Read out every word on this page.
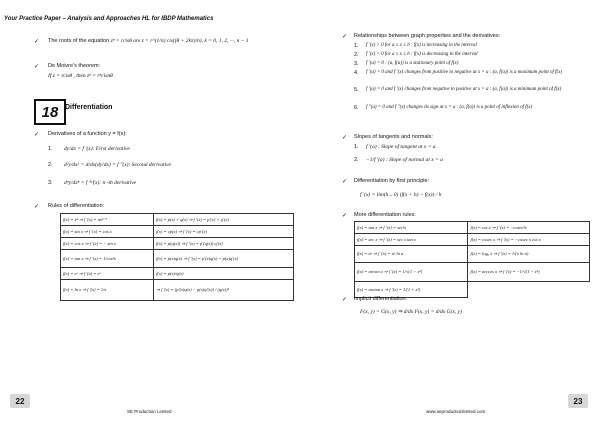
Your Practice Paper – Analysis and Approaches HL for IBDP Mathematics
✓ The roots of the equation zⁿ = rcisθ are z = r^(1/n) cis((θ + 2kπ)/n), k = 0, 1, 2, ···, n − 1
✓ De Moivre's theorem:
If z = rcisθ , then zⁿ = rⁿcisnθ
18 Differentiation
✓ Derivatives of a function y = f(x):
1. dy/dx = f ′(x): First derivative
2. d²y/dx² = d/dx(dy/dx) = f ″(x): Second derivative
3. dⁿy/dxⁿ = f ⁽ⁿ⁾(x): n -th derivative
✓ Rules of differentiation:
f(x) = xⁿ ⇒ f ′(x) = nxⁿ⁻¹	f(x) = p(x) + q(x) ⇒ f ′(x) = p′(x) + q′(x)
f(x) = sin x ⇒ f ′(x) = cos x	f(x) = cp(x) ⇒ f ′(x) = cp′(x)
f(x) = cos x ⇒ f ′(x) = − sin x	f(x) = p(q(x)) ⇒ f ′(x) = p′(q(x))·q′(x)
f(x) = tan x ⇒ f ′(x) = 1/cos²x	f(x) = p(x)q(x) ⇒ f ′(x) = p′(x)q(x) + p(x)q′(x)
f(x) = eˣ ⇒ f ′(x) = eˣ	f(x) = p(x)/q(x)
f(x) = ln x ⇒ f ′(x) = 1/x	⇒ f ′(x) = (p′(x)q(x) − p(x)q′(x)) / (q(x))²
22
SE Production Limited
✓ Relationships between graph properties and the derivatives:
1. f ′(x) > 0 for a ≤ x ≤ b : f(x) is increasing in the interval
2. f ′(x) < 0 for a ≤ x ≤ b : f(x) is decreasing in the interval
3. f ′(a) = 0 : (a, f(a)) is a stationary point of f(x)
4. f ′(a) = 0 and f ′(x) changes from positive to negative at x = a : (a, f(a)) is a maximum point of f(x)
5. f ′(a) = 0 and f ′(x) changes from negative to positive at x = a : (a, f(a)) is a minimum point of f(x)
6. f ″(a) = 0 and f ″(x) changes its sign at x = a : (a, f(a)) is a point of inflexion of f(x)
✓ Slopes of tangents and normals:
1. f ′(a) : Slope of tangent at x = a
2. −1/f ′(a) : Slope of normal at x = a
✓ Differentiation by first principle:
f ′(x) = lim(h→0) (f(x + h) − f(x)) / h
✓ More differentiation rules:
f(x) = tan x ⇒ f ′(x) = sec²x	f(x) = cot x ⇒ f ′(x) = −cosec²x
f(x) = sec x ⇒ f ′(x) = sec x tan x	f(x) = cosec x ⇒ f ′(x) = −cosec x cot x
f(x) = aˣ ⇒ f ′(x) = aˣ ln a	f(x) = logₐ x ⇒ f ′(x) = 1/(x ln a)
f(x) = arcsin x ⇒ f ′(x) = 1/√(1 − x²)	f(x) = arccos x ⇒ f ′(x) = −1/√(1 − x²)
f(x) = arctan x ⇒ f ′(x) = 1/(1 + x²)	
✓ Implicit differentiation:
F(x, y) = G(x, y) ⇒ d/dx F(x, y) = d/dx G(x, y)
www.seproductionlimited.com
23
